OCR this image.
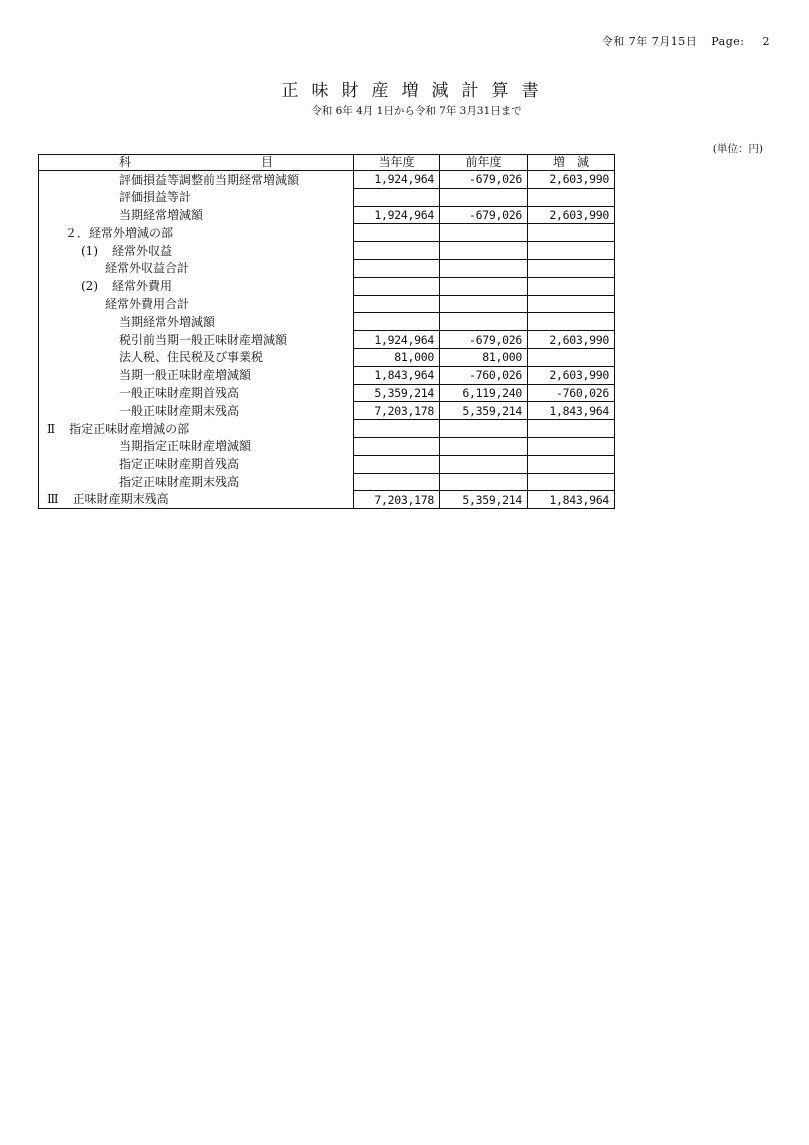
令和 7年 7月15日 Page: 2
正味財産増減計算書
令和 6年 4月 1日から令和 7年 3月31日まで
(単位：円)
科 目	当年度	前年度	増　減
評価損益等調整前当期経常増減額	1,924,964	-679,026	2,603,990
評価損益等計			
当期経常増減額	1,924,964	-679,026	2,603,990
２．経常外増減の部			
(1) 経常外収益			
経常外収益合計			
(2) 経常外費用			
経常外費用合計			
当期経常外増減額			
税引前当期一般正味財産増減額	1,924,964	-679,026	2,603,990
法人税、住民税及び事業税	81,000	81,000	
当期一般正味財産増減額	1,843,964	-760,026	2,603,990
一般正味財産期首残高	5,359,214	6,119,240	-760,026
一般正味財産期末残高	7,203,178	5,359,214	1,843,964
Ⅱ 指定正味財産増減の部			
当期指定正味財産増減額			
指定正味財産期首残高			
指定正味財産期末残高			
Ⅲ 正味財産期末残高	7,203,178	5,359,214	1,843,964
